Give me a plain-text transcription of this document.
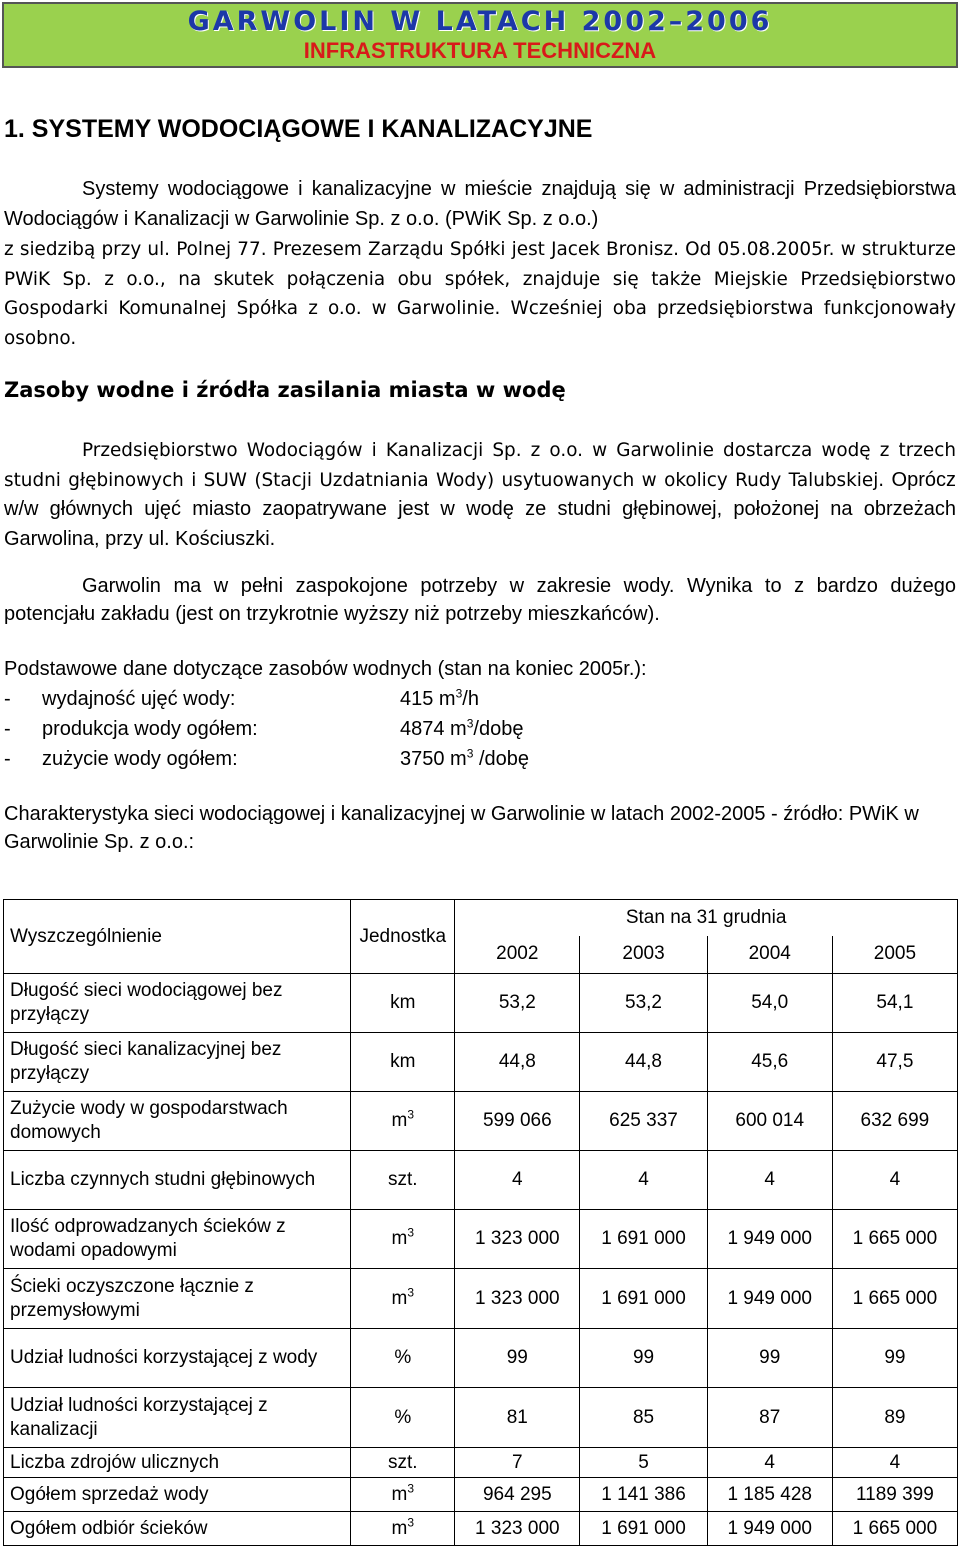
GARWOLIN W LATACH 2002–2006
INFRASTRUKTURA TECHNICZNA
1. SYSTEMY WODOCIĄGOWE I KANALIZACYJNE

Systemy wodociągowe i kanalizacyjne w mieście znajdują się w administracji Przedsiębiorstwa Wodociągów i Kanalizacji w Garwolinie Sp. z o.o. (PWiK Sp. z o.o.)

z siedzibą przy ul. Polnej 77. Prezesem Zarządu Spółki jest Jacek Bronisz. Od 05.08.2005r. w strukturze PWiK Sp. z o.o., na skutek połączenia obu spółek, znajduje się także Miejskie Przedsiębiorstwo Gospodarki Komunalnej Spółka z o.o. w Garwolinie. Wcześniej oba przedsiębiorstwa funkcjonowały osobno.

Zasoby wodne i źródła zasilania miasta w wodę

Przedsiębiorstwo Wodociągów i Kanalizacji Sp. z o.o. w Garwolinie dostarcza wodę z trzech studni głębinowych i SUW (Stacji Uzdatniania Wody) usytuowanych w okolicy Rudy Talubskiej. Oprócz w/w głównych ujęć miasto zaopatrywane jest w wodę ze studni głębinowej, położonej na obrzeżach Garwolina, przy ul. Kościuszki.

Garwolin ma w pełni zaspokojone potrzeby w zakresie wody. Wynika to z bardzo dużego potencjału zakładu (jest on trzykrotnie wyższy niż potrzeby mieszkańców).

Podstawowe dane dotyczące zasobów wodnych (stan na koniec 2005r.):

- wydajność ujęć wody:	415 $m^3/h$
- produkcja wody ogółem:	4874 $m^3$/dobę
- zużycie wody ogółem:	3750 $m^3$ /dobę

Charakterystyka sieci wodociągowej i kanalizacyjnej w Garwolinie w latach 2002-2005 - źródło: PWiK w Garwolinie Sp. z o.o.:

Wyszczególnienie	Jednostka	Stan na 31 grudnia			
		2002	2003	2004	2005
Długość sieci wodociągowej bez przyłączy	km	53,2	53,2	54,0	54,1
Długość sieci kanalizacyjnej bez przyłączy	km	44,8	44,8	45,6	47,5
Zużycie wody w gospodarstwach domowych	$m^3$	599 066	625 337	600 014	632 699
Liczba czynnych studni głębinowych	szt.	4	4	4	4
Ilość odprowadzanych ścieków z wodami opadowymi	$m^3$	1 323 000	1 691 000	1 949 000	1 665 000
Ścieki oczyszczone łącznie z przemysłowymi	$m^3$	1 323 000	1 691 000	1 949 000	1 665 000
Udział ludności korzystającej z wody	%	99	99	99	99
Udział ludności korzystającej z kanalizacji	%	81	85	87	89
Liczba zdrojów ulicznych	szt.	7	5	4	4
Ogółem sprzedaż wody	$m^3$	964 295	1 141 386	1 185 428	1189 399
Ogółem odbiór ścieków	$m^3$	1 323 000	1 691 000	1 949 000	1 665 000
